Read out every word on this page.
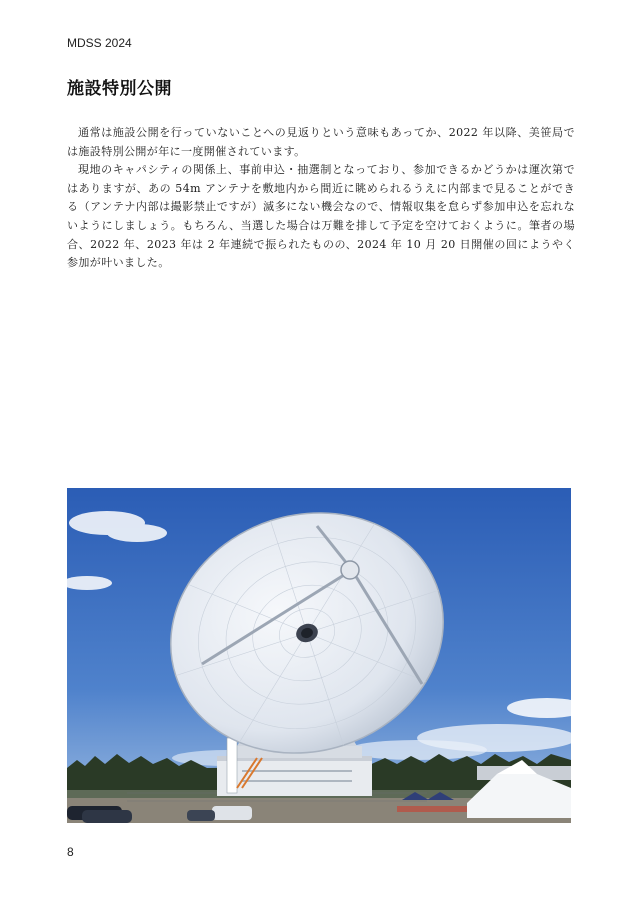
MDSS 2024
施設特別公開

通常は施設公開を行っていないことへの見返りという意味もあってか、2022 年以降、美笹局では施設特別公開が年に一度開催されています。

現地のキャパシティの関係上、事前申込・抽選制となっており、参加できるかどうかは運次第ではありますが、あの 54m アンテナを敷地内から間近に眺められるうえに内部まで見ることができる（アンテナ内部は撮影禁止ですが）滅多にない機会なので、情報収集を怠らず参加申込を忘れないようにしましょう。もちろん、当選した場合は万難を排して予定を空けておくように。筆者の場合、2022 年、2023 年は 2 年連続で振られたものの、2024 年 10 月 20 日開催の回にようやく参加が叶いました。

8
